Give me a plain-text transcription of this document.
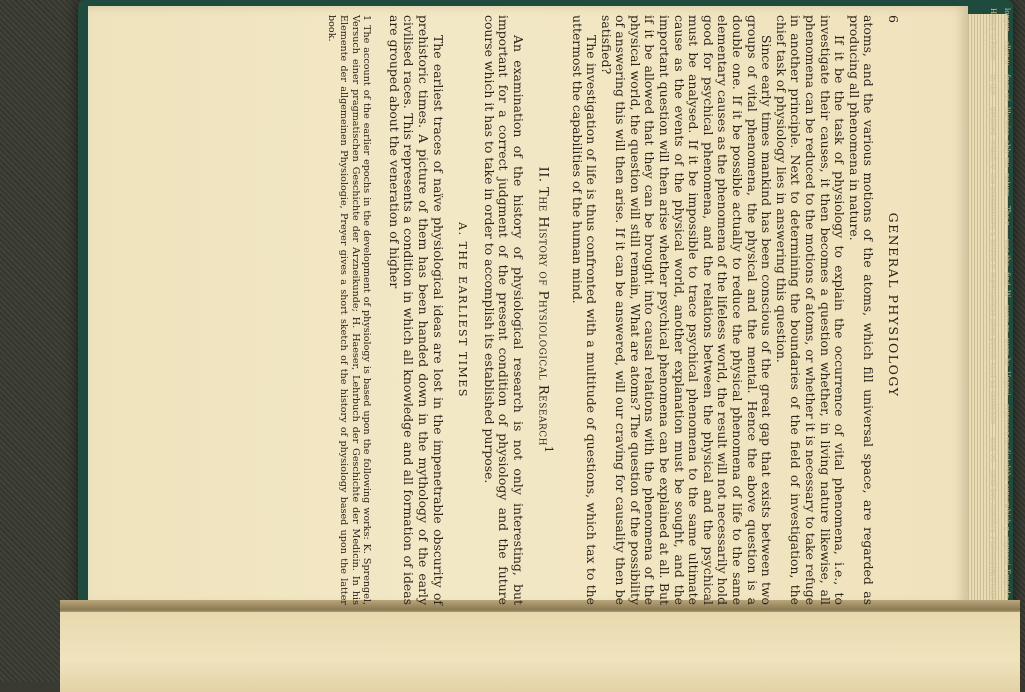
6
GENERAL PHYSIOLOGY

atoms, and the various motions of the atoms, which fill universal space, are regarded as producing all phenomena in nature.

If it be the task of physiology to explain the occurrence of vital phenomena, i.e., to investigate their causes, it then becomes a question whether, in living nature likewise, all phenomena can be reduced to the motions of atoms, or whether it is necessary to take refuge in another principle. Next to determining the boundaries of the field of investigation, the chief task of physiology lies in answering this question.

Since early times mankind has been conscious of the great gap that exists between two groups of vital phenomena, the physical and the mental. Hence the above question is a double one. If it be possible actually to reduce the physical phenomena of life to the same elementary causes as the phenomena of the lifeless world, the result will not necessarily hold good for psychical phenomena, and the relations between the physical and the psychical must be analysed. If it be impossible to trace psychical phenomena to the same ultimate cause as the events of the physical world, another explanation must be sought, and the important question will then arise whether psychical phenomena can be explained at all. But if it be allowed that they can be brought into causal relations with the phenomena of the physical world, the question will still remain, What are atoms? The question of the possibility of answering this will then arise. If it can be answered, will our craving for causality then be satisfied?

The investigation of life is thus confronted with a multitude of questions, which tax to the uttermost the capabilities of the human mind.

II. The History of Physiological Research$^1$

An examination of the history of physiological research is not only interesting, but important for a correct judgment of the present condition of physiology and the future course which it has to take in order to accomplish its established purpose.

A. THE EARLIEST TIMES

The earliest traces of naïve physiological ideas are lost in the impenetrable obscurity of prehistoric times. A picture of them has been handed down in the mythology of the early civilised races. This represents a condition in which all knowledge and all formation of ideas are grouped about the veneration of higher

1 The account of the earlier epochs in the development of physiology is based upon the following works: K. Sprengel, Versuch einer pragmatischen Geschichte der Arzneikunde; H. Haeser, Lehrbuch der Geschichte der Medicin. In his Elemente der allgemeinen Physiologie, Preyer gives a short sketch of the history of physiology based upon the latter book.	longer
eller w
from wi
likewise
ably ma
nature
The r
was the
find. W
were re
were he
Unprej
represen
mediately
the senses
which g
expressi
Empedo
Hence to
Rules
In the
detailed
which w
the mean
nature a
notion w
especially
the phen
proofs su
of all thin
While
acts wi
until bey
significa
Philosophy
Aristotle
